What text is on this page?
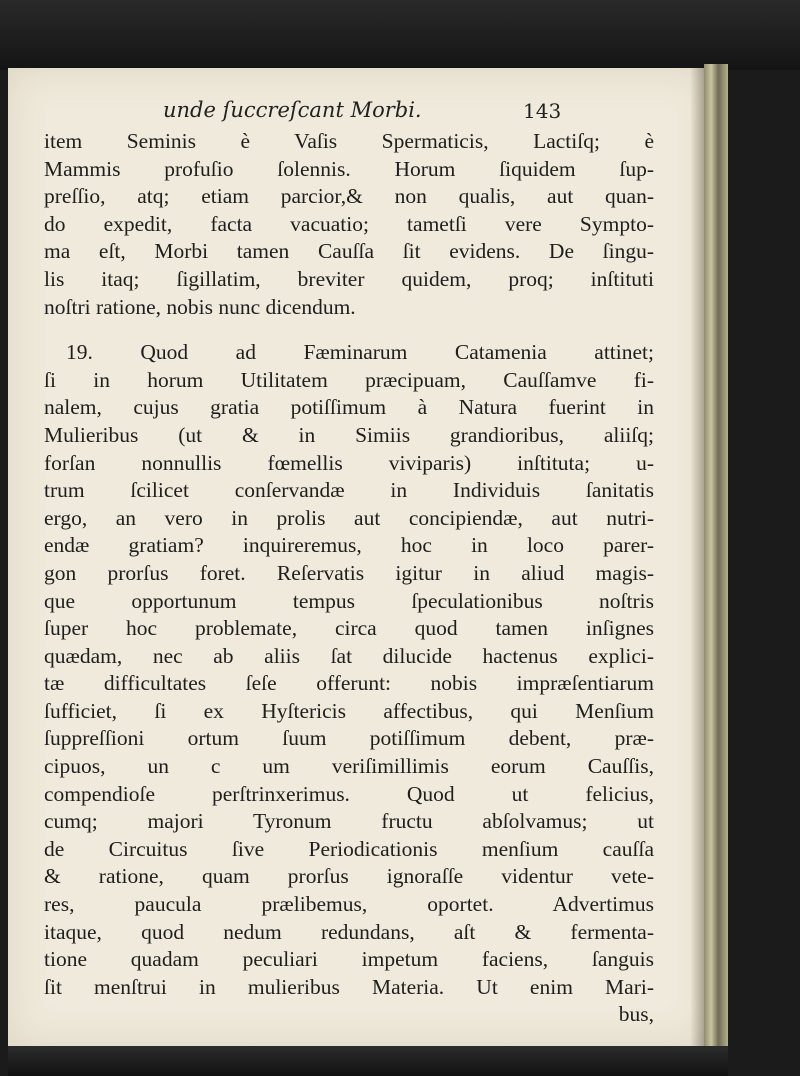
unde ſuccreſcant Morbi.	143
item Seminis è Vaſis Spermaticis, Lactiſq; è
Mammis profuſio ſolennis. Horum ſiquidem ſup-
preſſio, atq; etiam parcior,& non qualis, aut quan-
do expedit, facta vacuatio; tametſi vere Sympto-
ma eſt, Morbi tamen Cauſſa ſit evidens. De ſingu-
lis itaq; ſigillatim, breviter quidem, proq; inſtituti
noſtri ratione, nobis nunc dicendum.
19. Quod ad Fæminarum Catamenia attinet;
ſi in horum Utilitatem præcipuam, Cauſſamve fi-
nalem, cujus gratia potiſſimum à Natura fuerint in
Mulieribus (ut & in Simiis grandioribus, aliiſq;
forſan nonnullis fœmellis viviparis) inſtituta; u-
trum ſcilicet conſervandæ in Individuis ſanitatis
ergo, an vero in prolis aut concipiendæ, aut nutri-
endæ gratiam? inquireremus, hoc in loco parer-
gon prorſus foret. Reſervatis igitur in aliud magis-
que opportunum tempus ſpeculationibus noſtris
ſuper hoc problemate, circa quod tamen inſignes
quædam, nec ab aliis ſat dilucide hactenus explici-
tæ difficultates ſeſe offerunt: nobis impræſentiarum
ſufficiet, ſi ex Hyſtericis affectibus, qui Menſium
ſuppreſſioni ortum ſuum potiſſimum debent, præ-
cipuos, un c um veriſimillimis eorum Cauſſis,
compendioſe perſtrinxerimus. Quod ut felicius,
cumq; majori Tyronum fructu abſolvamus; ut
de Circuitus ſive Periodicationis menſium cauſſa
& ratione, quam prorſus ignoraſſe videntur vete-
res, paucula prælibemus, oportet. Advertimus
itaque, quod nedum redundans, aſt & fermenta-
tione quadam peculiari impetum faciens, ſanguis
ſit menſtrui in mulieribus Materia. Ut enim Mari-
bus,
